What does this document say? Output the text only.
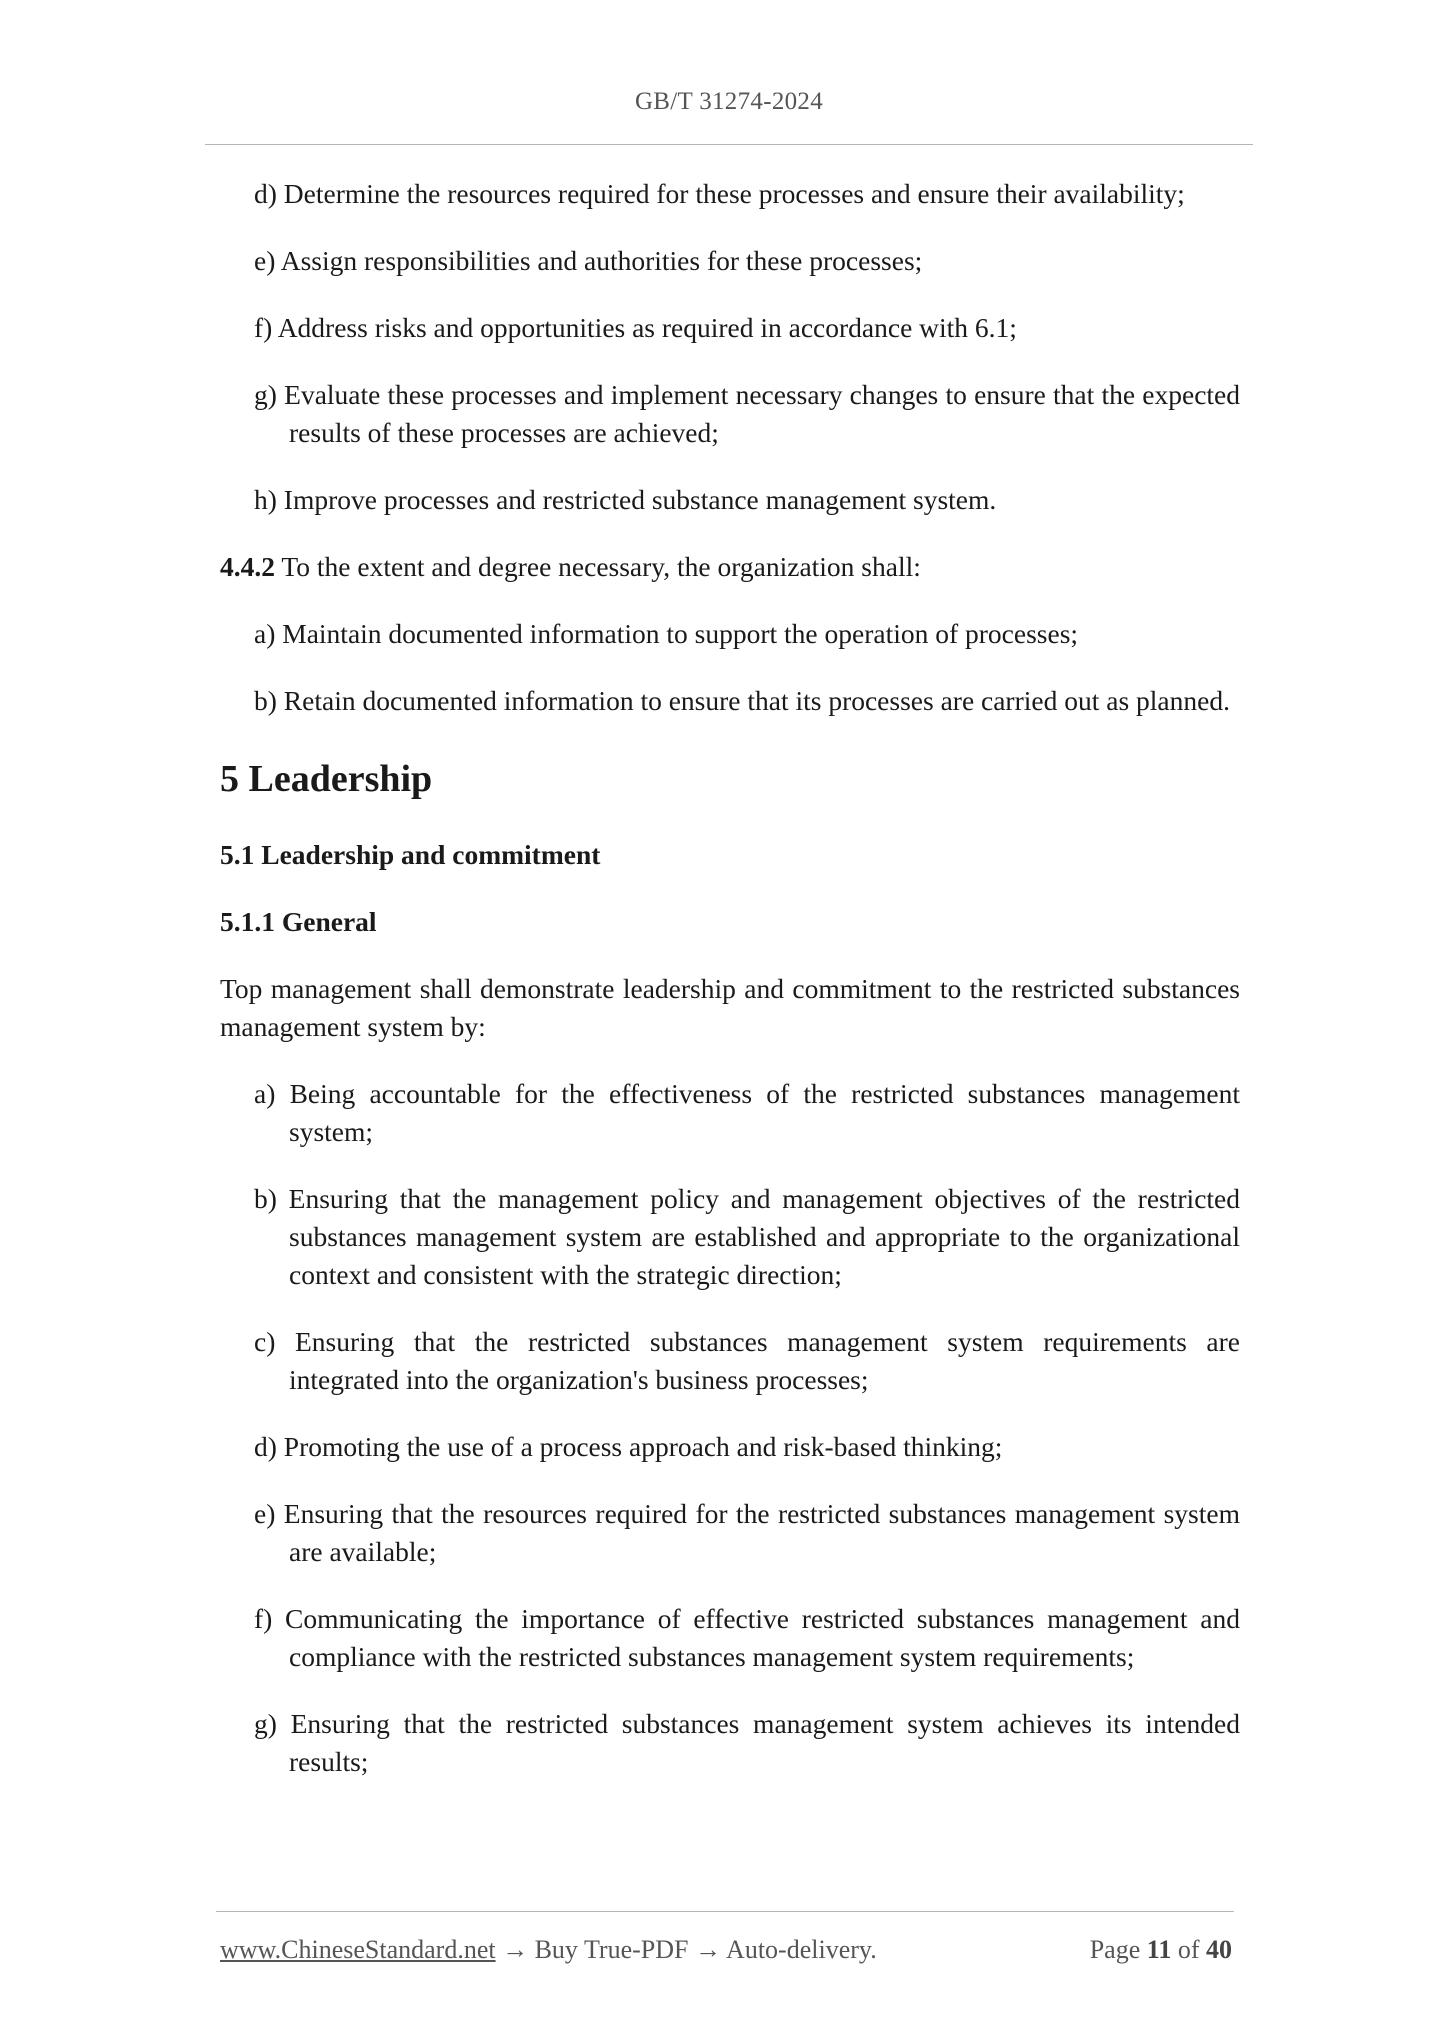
GB/T 31274-2024
d) Determine the resources required for these processes and ensure their availability;
e) Assign responsibilities and authorities for these processes;
f) Address risks and opportunities as required in accordance with 6.1;
g) Evaluate these processes and implement necessary changes to ensure that the expected results of these processes are achieved;
h) Improve processes and restricted substance management system.
4.4.2 To the extent and degree necessary, the organization shall:
a) Maintain documented information to support the operation of processes;
b) Retain documented information to ensure that its processes are carried out as planned.
5 Leadership
5.1 Leadership and commitment
5.1.1 General
Top management shall demonstrate leadership and commitment to the restricted substances management system by:
a) Being accountable for the effectiveness of the restricted substances management system;
b) Ensuring that the management policy and management objectives of the restricted substances management system are established and appropriate to the organizational context and consistent with the strategic direction;
c) Ensuring that the restricted substances management system requirements are integrated into the organization's business processes;
d) Promoting the use of a process approach and risk-based thinking;
e) Ensuring that the resources required for the restricted substances management system are available;
f) Communicating the importance of effective restricted substances management and compliance with the restricted substances management system requirements;
g) Ensuring that the restricted substances management system achieves its intended results;
www.ChineseStandard.net → Buy True-PDF → Auto-delivery.	Page 11 of 40
